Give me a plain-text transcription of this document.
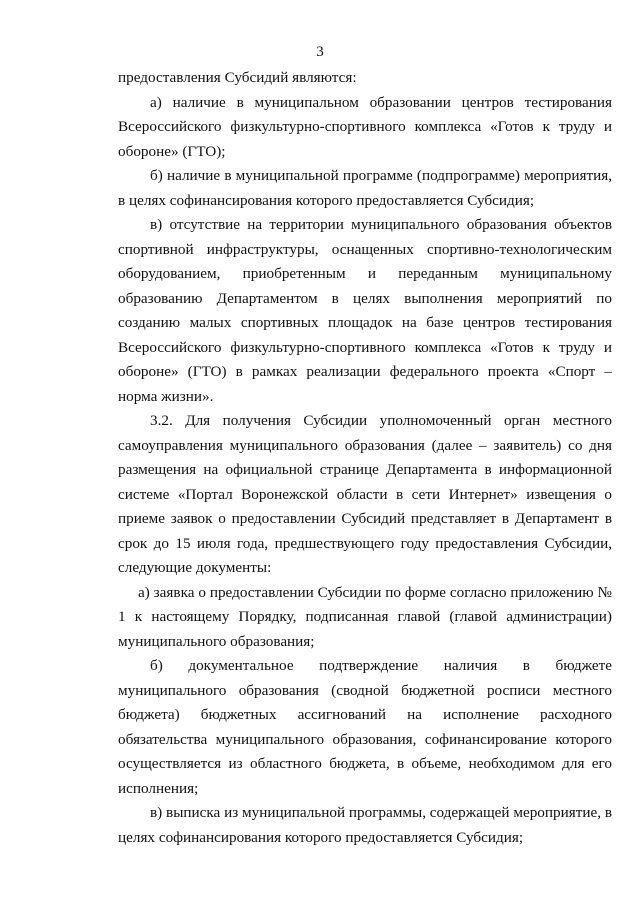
3

предоставления Субсидий являются:

а) наличие в муниципальном образовании центров тестирования Всероссийского физкультурно-спортивного комплекса «Готов к труду и обороне» (ГТО);

б) наличие в муниципальной программе (подпрограмме) мероприятия, в целях софинансирования которого предоставляется Субсидия;

в) отсутствие на территории муниципального образования объектов спортивной инфраструктуры, оснащенных спортивно-технологическим оборудованием, приобретенным и переданным муниципальному образованию Департаментом в целях выполнения мероприятий по созданию малых спортивных площадок на базе центров тестирования Всероссийского физкультурно-спортивного комплекса «Готов к труду и обороне» (ГТО) в рамках реализации федерального проекта «Спорт – норма жизни».

3.2. Для получения Субсидии уполномоченный орган местного самоуправления муниципального образования (далее – заявитель) со дня размещения на официальной странице Департамента в информационной системе «Портал Воронежской области в сети Интернет» извещения о приеме заявок о предоставлении Субсидий представляет в Департамент в срок до 15 июля года, предшествующего году предоставления Субсидии, следующие документы:

а) заявка о предоставлении Субсидии по форме согласно приложению № 1 к настоящему Порядку, подписанная главой (главой администрации) муниципального образования;

б) документальное подтверждение наличия в бюджете муниципального образования (сводной бюджетной росписи местного бюджета) бюджетных ассигнований на исполнение расходного обязательства муниципального образования, софинансирование которого осуществляется из областного бюджета, в объеме, необходимом для его исполнения;

в) выписка из муниципальной программы, содержащей мероприятие, в целях софинансирования которого предоставляется Субсидия;
